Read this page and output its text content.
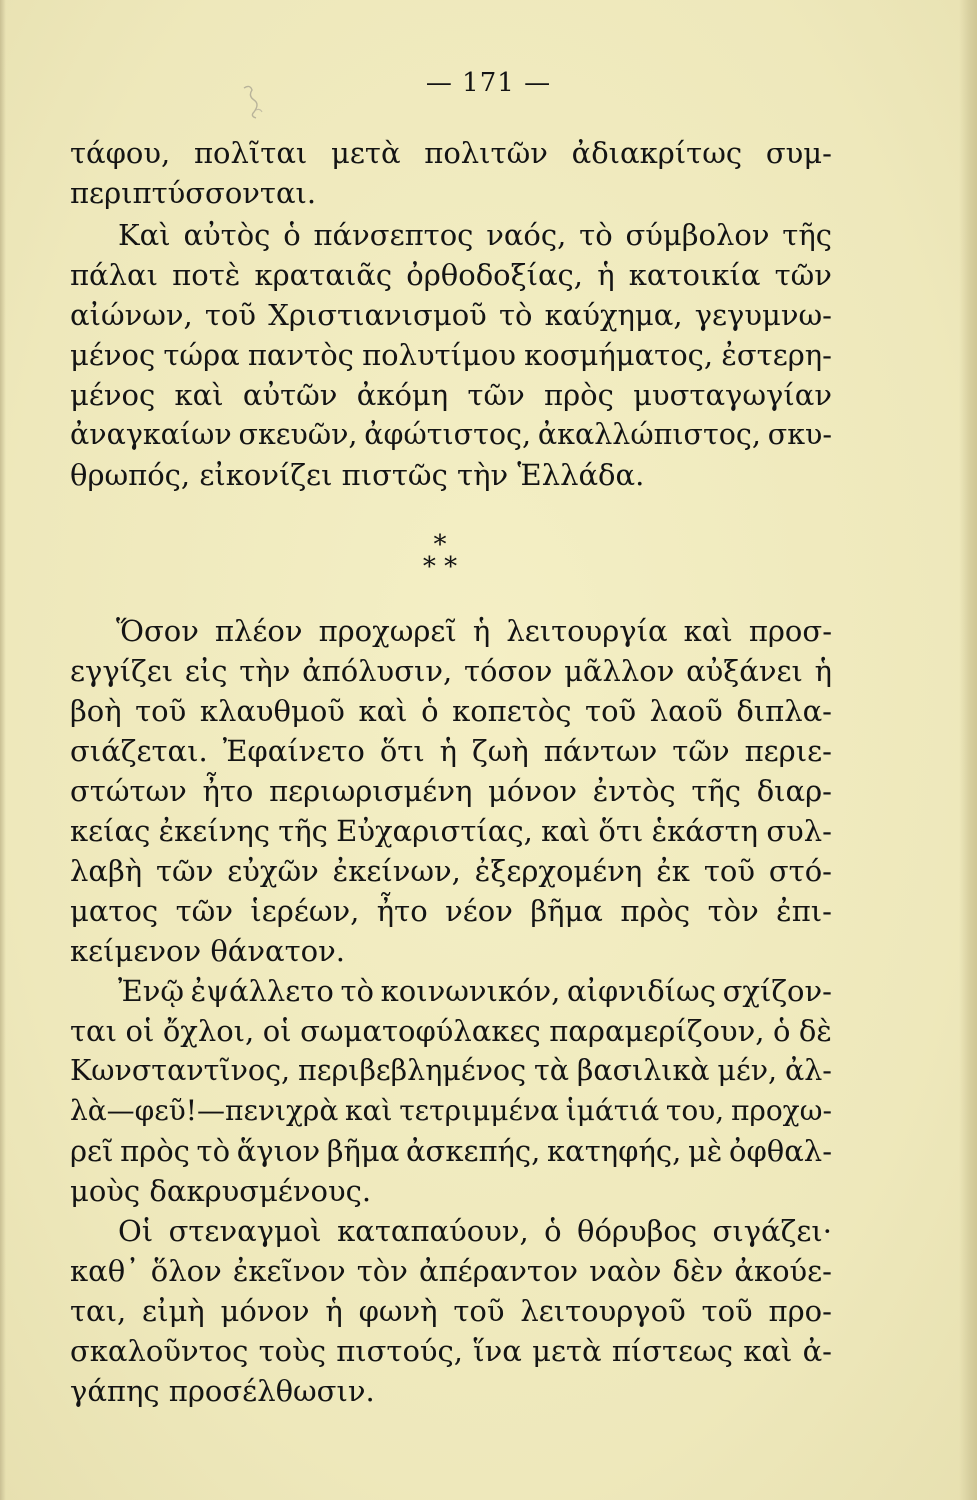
— 171 —
τάφου, πολῖται μετὰ πολιτῶν ἀδιακρίτως συμ-
περιπτύσσονται.
Καὶ αὐτὸς ὁ πάνσεπτος ναός, τὸ σύμβολον τῆς
πάλαι ποτὲ κραταιᾶς ὀρθοδοξίας, ἡ κατοικία τῶν
αἰώνων, τοῦ Χριστιανισμοῦ τὸ καύχημα, γεγυμνω-
μένος τώρα παντὸς πολυτίμου κοσμήματος, ἐστερη-
μένος καὶ αὐτῶν ἀκόμη τῶν πρὸς μυσταγωγίαν
ἀναγκαίων σκευῶν, ἀφώτιστος, ἀκαλλώπιστος, σκυ-
θρωπός, εἰκονίζει πιστῶς τὴν Ἑλλάδα.
*
* *
Ὅσον πλέον προχωρεῖ ἡ λειτουργία καὶ προσ-
εγγίζει εἰς τὴν ἀπόλυσιν, τόσον μᾶλλον αὐξάνει ἡ
βοὴ τοῦ κλαυθμοῦ καὶ ὁ κοπετὸς τοῦ λαοῦ διπλα-
σιάζεται. Ἐφαίνετο ὅτι ἡ ζωὴ πάντων τῶν περιε-
στώτων ἦτο περιωρισμένη μόνον ἐντὸς τῆς διαρ-
κείας ἐκείνης τῆς Εὐχαριστίας, καὶ ὅτι ἑκάστη συλ-
λαβὴ τῶν εὐχῶν ἐκείνων, ἐξερχομένη ἐκ τοῦ στό-
ματος τῶν ἱερέων, ἦτο νέον βῆμα πρὸς τὸν ἐπι-
κείμενον θάνατον.
Ἐνῷ ἐψάλλετο τὸ κοινωνικόν, αἰφνιδίως σχίζον-
ται οἱ ὄχλοι, οἱ σωματοφύλακες παραμερίζουν, ὁ δὲ
Κωνσταντῖνος, περιβεβλημένος τὰ βασιλικὰ μέν, ἀλ-
λὰ—φεῦ!—πενιχρὰ καὶ τετριμμένα ἱμάτιά του, προχω-
ρεῖ πρὸς τὸ ἅγιον βῆμα ἀσκεπής, κατηφής, μὲ ὀφθαλ-
μοὺς δακρυσμένους.
Οἱ στεναγμοὶ καταπαύουν, ὁ θόρυβος σιγάζει·
καθ᾿ ὅλον ἐκεῖνον τὸν ἀπέραντον ναὸν δὲν ἀκούε-
ται, εἰμὴ μόνον ἡ φωνὴ τοῦ λειτουργοῦ τοῦ προ-
σκαλοῦντος τοὺς πιστούς, ἵνα μετὰ πίστεως καὶ ἀ-
γάπης προσέλθωσιν.
